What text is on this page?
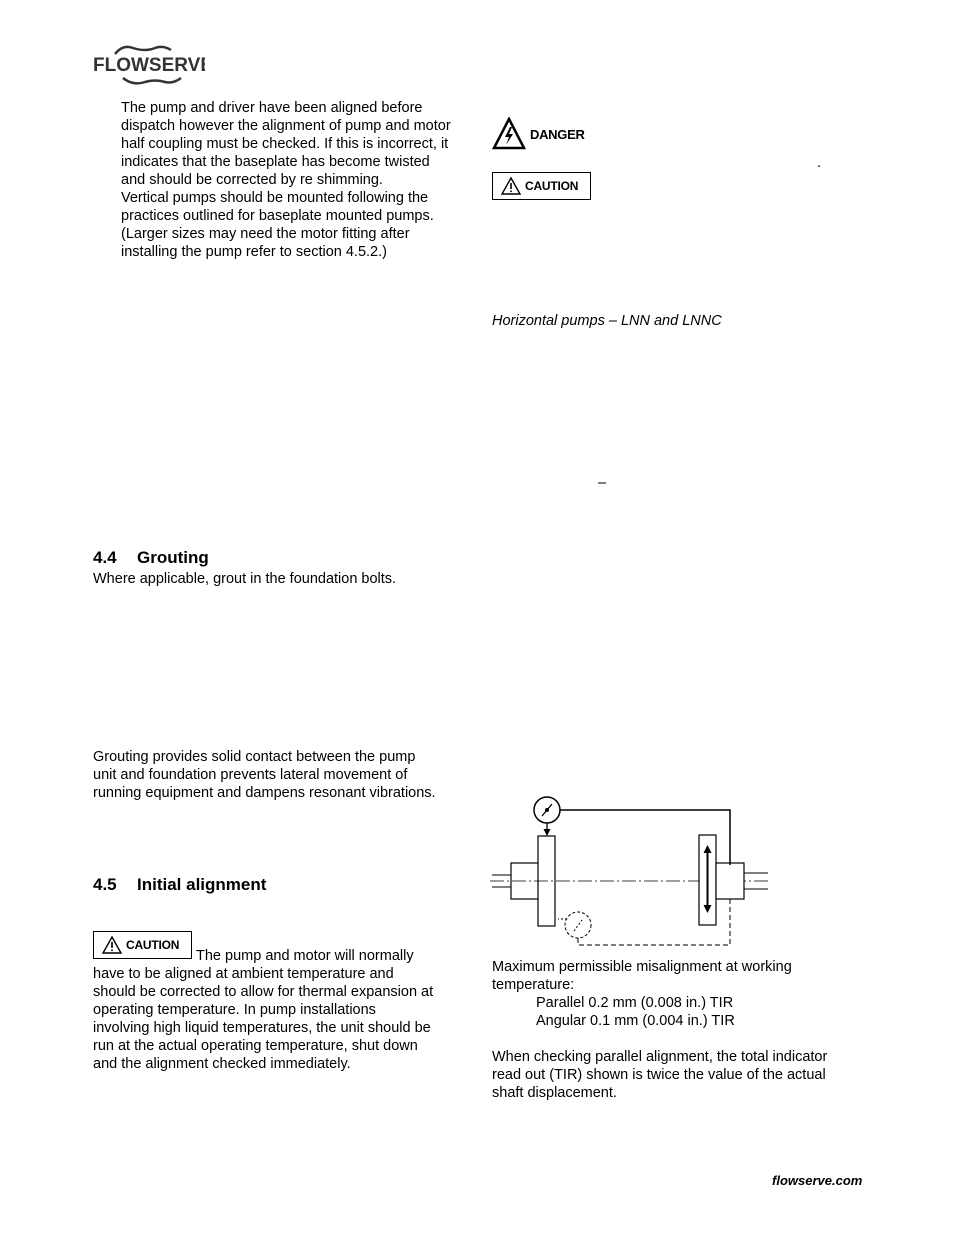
FLOWSERVE

The pump and driver have been aligned before

dispatch however the alignment of pump and motor

half coupling must be checked. If this is incorrect, it

indicates that the baseplate has become twisted

and should be corrected by re shimming.

Vertical pumps should be mounted following the

practices outlined for baseplate mounted pumps.

(Larger sizes may need the motor fitting after

installing the pump refer to section 4.5.2.)

4.4 Grouting

Where applicable, grout in the foundation bolts.

Grouting provides solid contact between the pump

unit and foundation prevents lateral movement of

running equipment and dampens resonant vibrations.

4.5 Initial alignment
CAUTION

The pump and motor will normally

have to be aligned at ambient temperature and

should be corrected to allow for thermal expansion at

operating temperature. In pump installations

involving high liquid temperatures, the unit should be

run at the actual operating temperature, shut down

and the alignment checked immediately.

DANGER
.
CAUTION

Horizontal pumps – LNN and LNNC

–

Maximum permissible misalignment at working

temperature:

Parallel 0.2 mm (0.008 in.) TIR

Angular 0.1 mm (0.004 in.) TIR

When checking parallel alignment, the total indicator

read out (TIR) shown is twice the value of the actual

shaft displacement.

flowserve.com
